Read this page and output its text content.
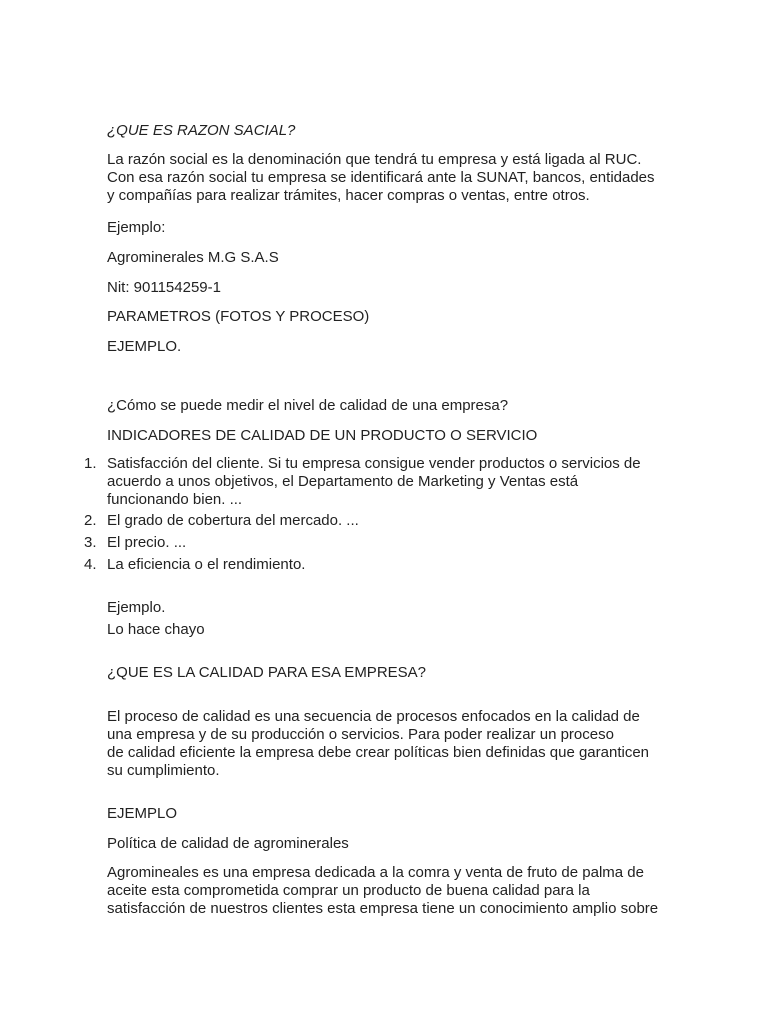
¿QUE ES RAZON SACIAL?

La razón social es la denominación que tendrá tu empresa y está ligada al RUC.
Con esa razón social tu empresa se identificará ante la SUNAT, bancos, entidades
y compañías para realizar trámites, hacer compras o ventas, entre otros.

Ejemplo:

Agrominerales M.G S.A.S

Nit: 901154259-1

PARAMETROS (FOTOS Y PROCESO)

EJEMPLO.

¿Cómo se puede medir el nivel de calidad de una empresa?

INDICADORES DE CALIDAD DE UN PRODUCTO O SERVICIO

1. Satisfacción del cliente. Si tu empresa consigue vender productos o servicios de
acuerdo a unos objetivos, el Departamento de Marketing y Ventas está
funcionando bien. ...

2. El grado de cobertura del mercado. ...

3. El precio. ...

4. La eficiencia o el rendimiento.

Ejemplo.

Lo hace chayo

¿QUE ES LA CALIDAD PARA ESA EMPRESA?

El proceso de calidad es una secuencia de procesos enfocados en la calidad de
una empresa y de su producción o servicios. Para poder realizar un proceso
de calidad eficiente la empresa debe crear políticas bien definidas que garanticen
su cumplimiento.

EJEMPLO

Política de calidad de agrominerales

Agromineales es una empresa dedicada a la comra y venta de fruto de palma de
aceite esta comprometida comprar un producto de buena calidad para la
satisfacción de nuestros clientes esta empresa tiene un conocimiento amplio sobre
